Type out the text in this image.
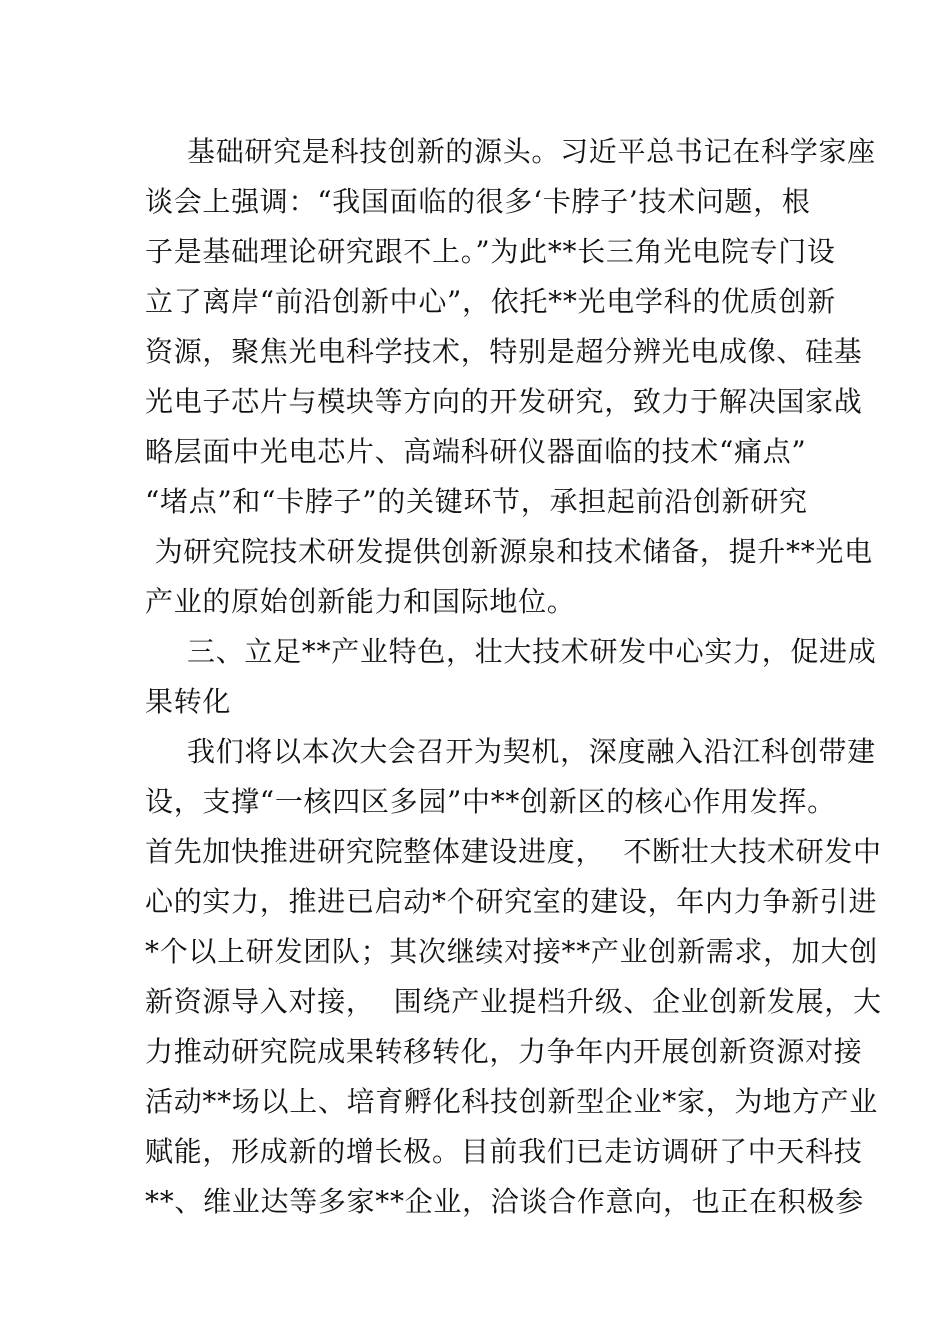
基础研究是科技创新的源头。习近平总书记在科学家座
谈会上强调：“我国面临的很多‘卡脖子’技术问题，根
子是基础理论研究跟不上。”为此**长三角光电院专门设
立了离岸“前沿创新中心”，依托**光电学科的优质创新
资源，聚焦光电科学技术，特别是超分辨光电成像、硅基
光电子芯片与模块等方向的开发研究，致力于解决国家战
略层面中光电芯片、高端科研仪器面临的技术“痛点”
“堵点”和“卡脖子”的关键环节，承担起前沿创新研究
为研究院技术研发提供创新源泉和技术储备，提升**光电
产业的原始创新能力和国际地位。
三、立足**产业特色，壮大技术研发中心实力，促进成
果转化
我们将以本次大会召开为契机，深度融入沿江科创带建
设，支撑“一核四区多园”中**创新区的核心作用发挥。
首先加快推进研究院整体建设进度，  不断壮大技术研发中
心的实力，推进已启动*个研究室的建设，年内力争新引进
*个以上研发团队；其次继续对接**产业创新需求，加大创
新资源导入对接，  围绕产业提档升级、企业创新发展，大
力推动研究院成果转移转化，力争年内开展创新资源对接
活动**场以上、培育孵化科技创新型企业*家，为地方产业
赋能，形成新的增长极。目前我们已走访调研了中天科技
**、维业达等多家**企业，洽谈合作意向，也正在积极参
